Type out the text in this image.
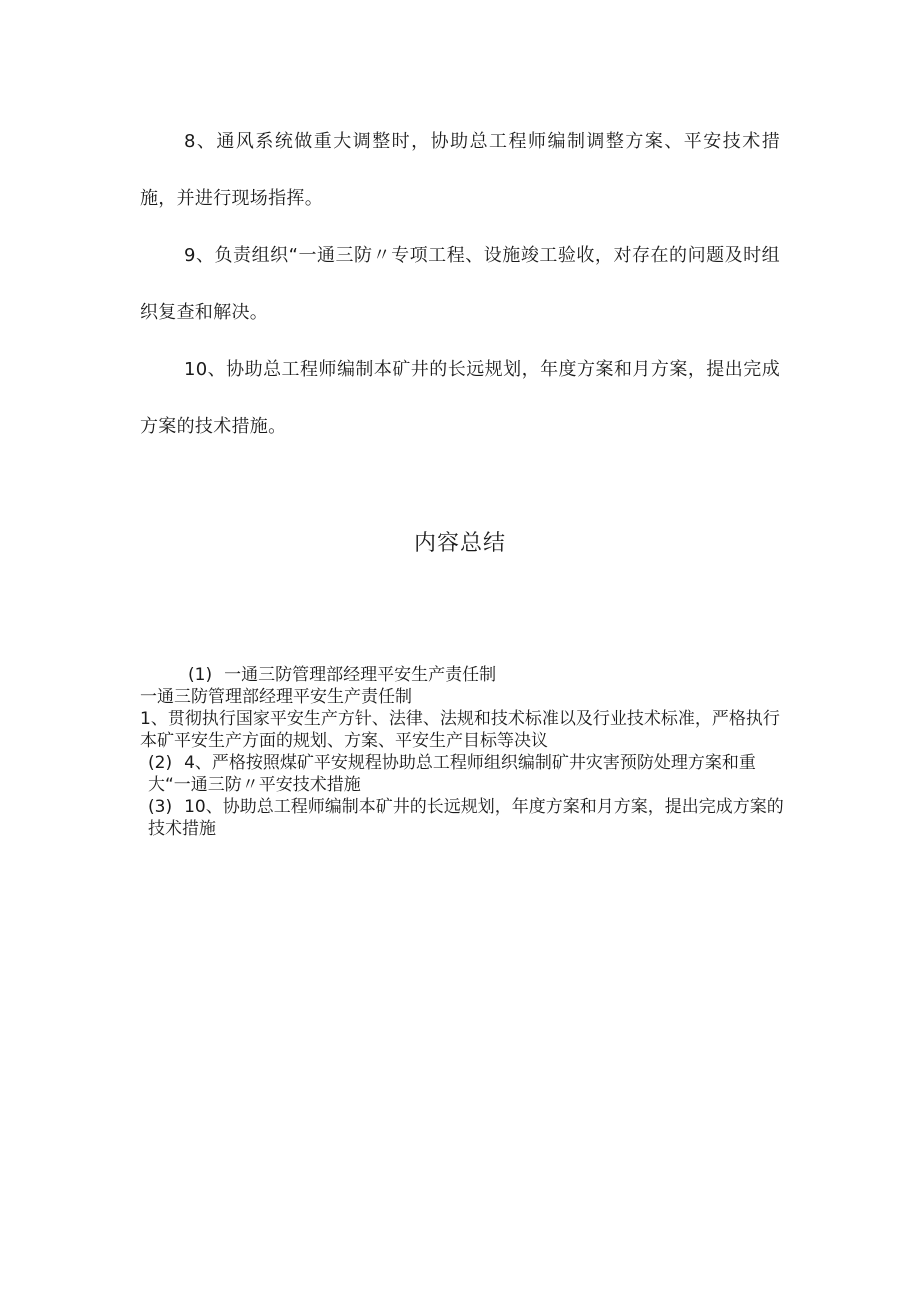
8、通风系统做重大调整时，协助总工程师编制调整方案、平安技术措施，并进行现场指挥。

9、负责组织“一通三防〃专项工程、设施竣工验收，对存在的问题及时组织复查和解决。

10、协助总工程师编制本矿井的长远规划，年度方案和月方案，提出完成方案的技术措施。

内容总结

(1) 一通三防管理部经理平安生产责任制

一通三防管理部经理平安生产责任制

1、贯彻执行国家平安生产方针、法律、法规和技术标准以及行业技术标准，严格执行本矿平安生产方面的规划、方案、平安生产目标等决议

(2) 4、严格按照煤矿平安规程协助总工程师组织编制矿井灾害预防处理方案和重大“一通三防〃平安技术措施

(3) 10、协助总工程师编制本矿井的长远规划，年度方案和月方案，提出完成方案的技术措施
